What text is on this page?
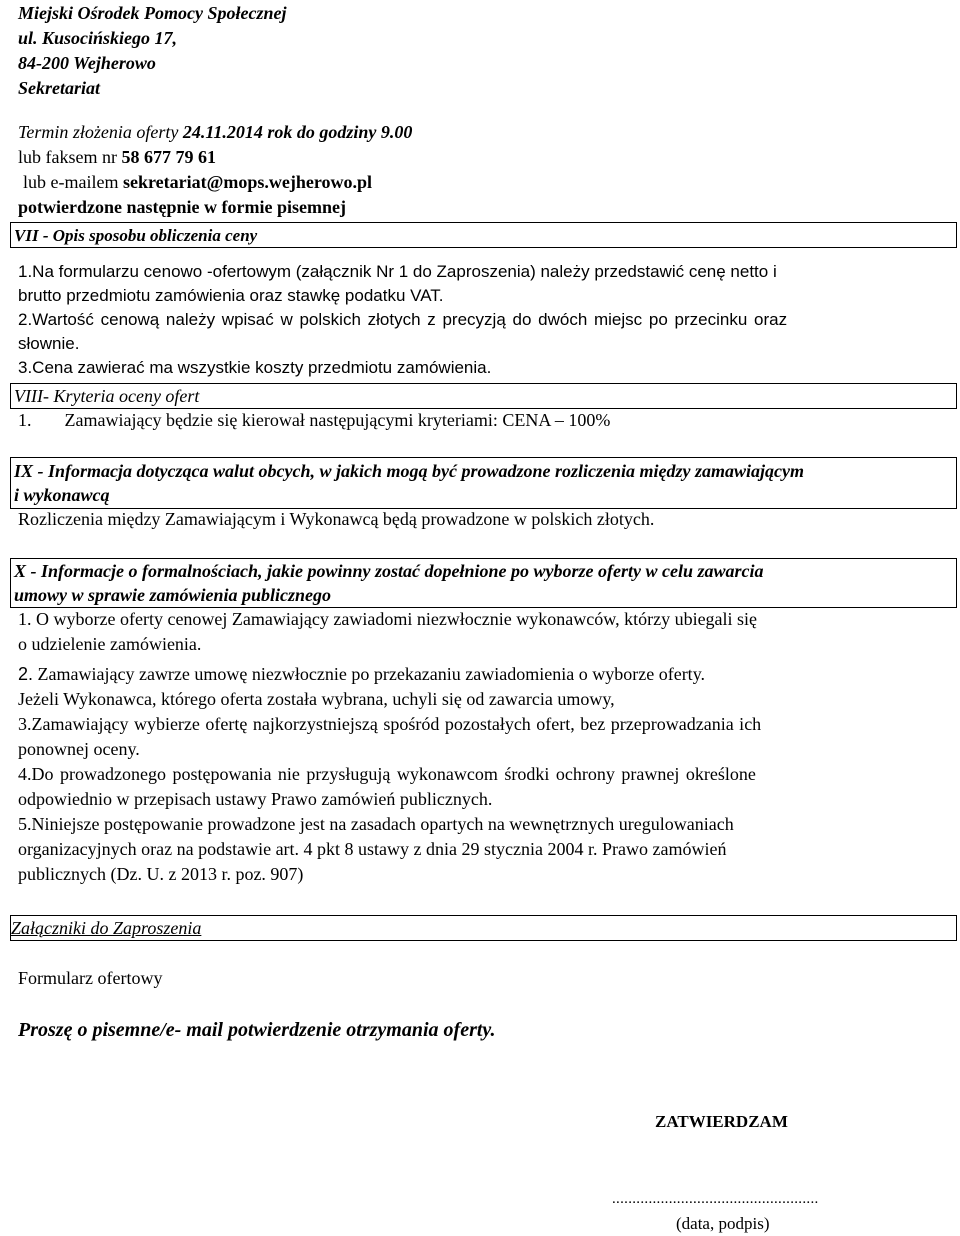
Miejski Ośrodek Pomocy Społecznej
ul. Kusocińskiego 17,
84-200 Wejherowo
Sekretariat
Termin złożenia oferty 24.11.2014 rok do godziny 9.00
lub faksem nr 58 677 79 61
lub e-mailem sekretariat@mops.wejherowo.pl
potwierdzone następnie w formie pisemnej
VII - Opis sposobu obliczenia ceny
1.Na formularzu cenowo -ofertowym (załącznik Nr 1 do Zaproszenia) należy przedstawić cenę netto i
brutto przedmiotu zamówienia oraz stawkę podatku VAT.
2.Wartość cenową należy wpisać w polskich złotych z precyzją do dwóch miejsc po przecinku oraz
słownie.
3.Cena zawierać ma wszystkie koszty przedmiotu zamówienia.
VIII- Kryteria oceny ofert
1. Zamawiający będzie się kierował następującymi kryteriami: CENA – 100%
IX - Informacja dotycząca walut obcych, w jakich mogą być prowadzone rozliczenia między zamawiającym
i wykonawcą
Rozliczenia między Zamawiającym i Wykonawcą będą prowadzone w polskich złotych.
X - Informacje o formalnościach, jakie powinny zostać dopełnione po wyborze oferty w celu zawarcia
umowy w sprawie zamówienia publicznego
1. O wyborze oferty cenowej Zamawiający zawiadomi niezwłocznie wykonawców, którzy ubiegali się
o udzielenie zamówienia.
2. Zamawiający zawrze umowę niezwłocznie po przekazaniu zawiadomienia o wyborze oferty.
Jeżeli Wykonawca, którego oferta została wybrana, uchyli się od zawarcia umowy,
3.Zamawiający wybierze ofertę najkorzystniejszą spośród pozostałych ofert, bez przeprowadzania ich
ponownej oceny.
4.Do prowadzonego postępowania nie przysługują wykonawcom środki ochrony prawnej określone
odpowiednio w przepisach ustawy Prawo zamówień publicznych.
5.Niniejsze postępowanie prowadzone jest na zasadach opartych na wewnętrznych uregulowaniach
organizacyjnych oraz na podstawie art. 4 pkt 8 ustawy z dnia 29 stycznia 2004 r. Prawo zamówień
publicznych (Dz. U. z 2013 r. poz. 907)
Załączniki do Zaproszenia
Formularz ofertowy
Proszę o pisemne/e- mail potwierdzenie otrzymania oferty.
ZATWIERDZAM
...................................................
(data, podpis)
